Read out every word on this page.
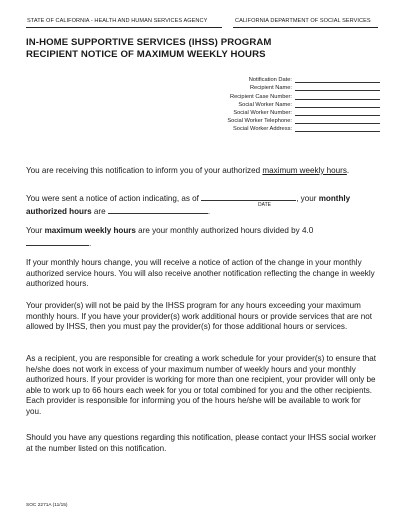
STATE OF CALIFORNIA - HEALTH AND HUMAN SERVICES AGENCY	CALIFORNIA DEPARTMENT OF SOCIAL SERVICES
IN-HOME SUPPORTIVE SERVICES (IHSS) PROGRAM
RECIPIENT NOTICE OF MAXIMUM WEEKLY HOURS
Notification Date:
Recipient Name:
Recipient Case Number:
Social Worker Name:
Social Worker Number:
Social Worker Telephone:
Social Worker Address:
You are receiving this notification to inform you of your authorized maximum weekly hours.
You were sent a notice of action indicating, as of	, your monthly authorized hours are	.
DATE
Your maximum weekly hours are your monthly authorized hours divided by 4.0
.
If your monthly hours change, you will receive a notice of action of the change in your monthly authorized service hours. You will also receive another notification reflecting the change in weekly authorized hours.
Your provider(s) will not be paid by the IHSS program for any hours exceeding your maximum monthly hours. If you have your provider(s) work additional hours or provide services that are not allowed by IHSS, then you must pay the provider(s) for those additional hours or services.
As a recipient, you are responsible for creating a work schedule for your provider(s) to ensure that he/she does not work in excess of your maximum number of weekly hours and your monthly authorized hours. If your provider is working for more than one recipient, your provider will only be able to work up to 66 hours each week for you or total combined for you and the other recipients. Each provider is responsible for informing you of the hours he/she will be available to work for you.
Should you have any questions regarding this notification, please contact your IHSS social worker at the number listed on this notification.
SOC 2271A (11/15)
